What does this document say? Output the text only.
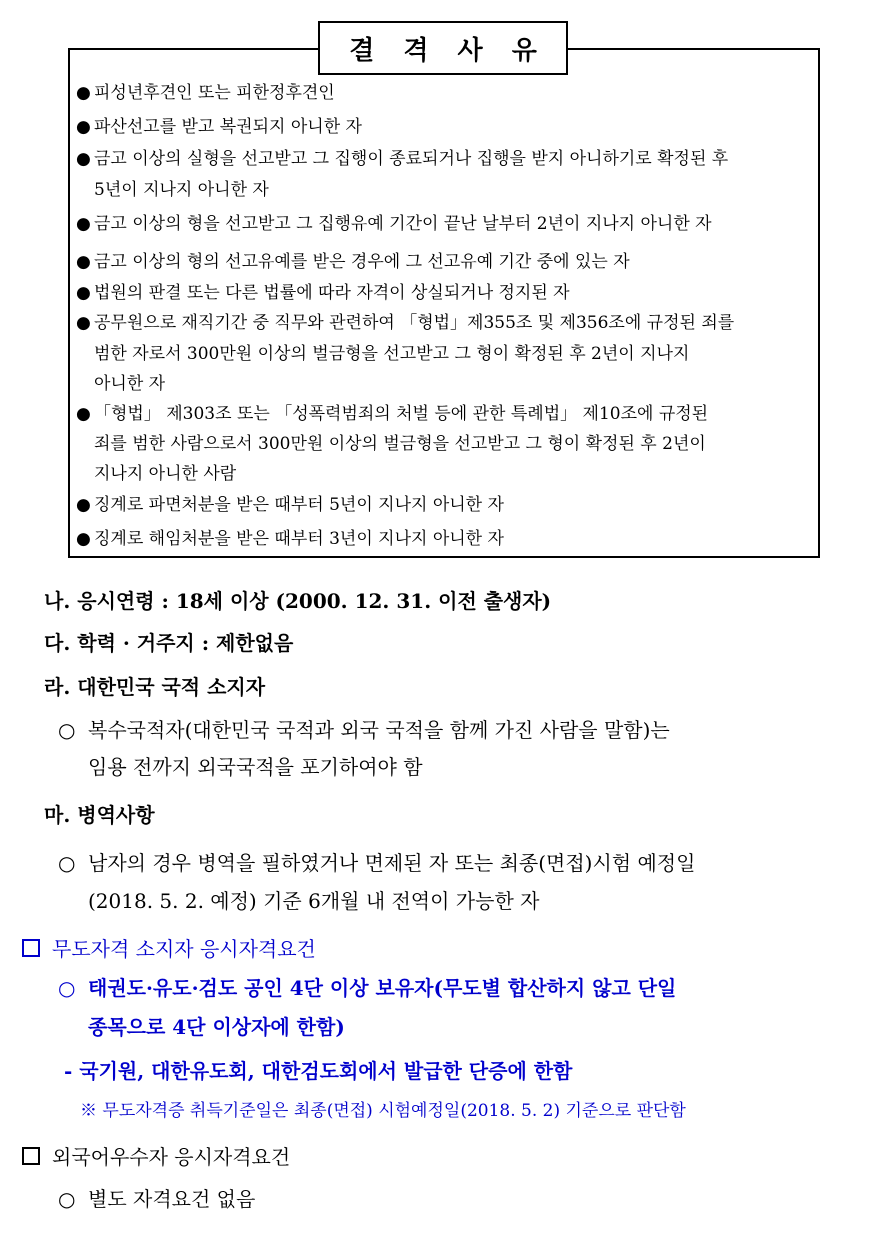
결 격 사 유
● 피성년후견인 또는 피한정후견인
● 파산선고를 받고 복권되지 아니한 자
● 금고 이상의 실형을 선고받고 그 집행이 종료되거나 집행을 받지 아니하기로 확정된 후
5년이 지나지 아니한 자
● 금고 이상의 형을 선고받고 그 집행유예 기간이 끝난 날부터 2년이 지나지 아니한 자
● 금고 이상의 형의 선고유예를 받은 경우에 그 선고유예 기간 중에 있는 자
● 법원의 판결 또는 다른 법률에 따라 자격이 상실되거나 정지된 자
● 공무원으로 재직기간 중 직무와 관련하여 「형법」제355조 및 제356조에 규정된 죄를
범한 자로서 300만원 이상의 벌금형을 선고받고 그 형이 확정된 후 2년이 지나지
아니한 자
● 「형법」 제303조 또는 「성폭력범죄의 처벌 등에 관한 특례법」 제10조에 규정된
죄를 범한 사람으로서 300만원 이상의 벌금형을 선고받고 그 형이 확정된 후 2년이
지나지 아니한 사람
● 징계로 파면처분을 받은 때부터 5년이 지나지 아니한 자
● 징계로 해임처분을 받은 때부터 3년이 지나지 아니한 자
나. 응시연령 : 18세 이상 (2000. 12. 31. 이전 출생자)
다. 학력 · 거주지 : 제한없음
라. 대한민국 국적 소지자
○ 복수국적자(대한민국 국적과 외국 국적을 함께 가진 사람을 말함)는
임용 전까지 외국국적을 포기하여야 함
마. 병역사항
○ 남자의 경우 병역을 필하였거나 면제된 자 또는 최종(면접)시험 예정일
(2018. 5. 2. 예정) 기준 6개월 내 전역이 가능한 자
무도자격 소지자 응시자격요건
○ 태권도·유도·검도 공인 4단 이상 보유자(무도별 합산하지 않고 단일
종목으로 4단 이상자에 한함)
- 국기원, 대한유도회, 대한검도회에서 발급한 단증에 한함
※ 무도자격증 취득기준일은 최종(면접) 시험예정일(2018. 5. 2) 기준으로 판단함
외국어우수자 응시자격요건
○ 별도 자격요건 없음
